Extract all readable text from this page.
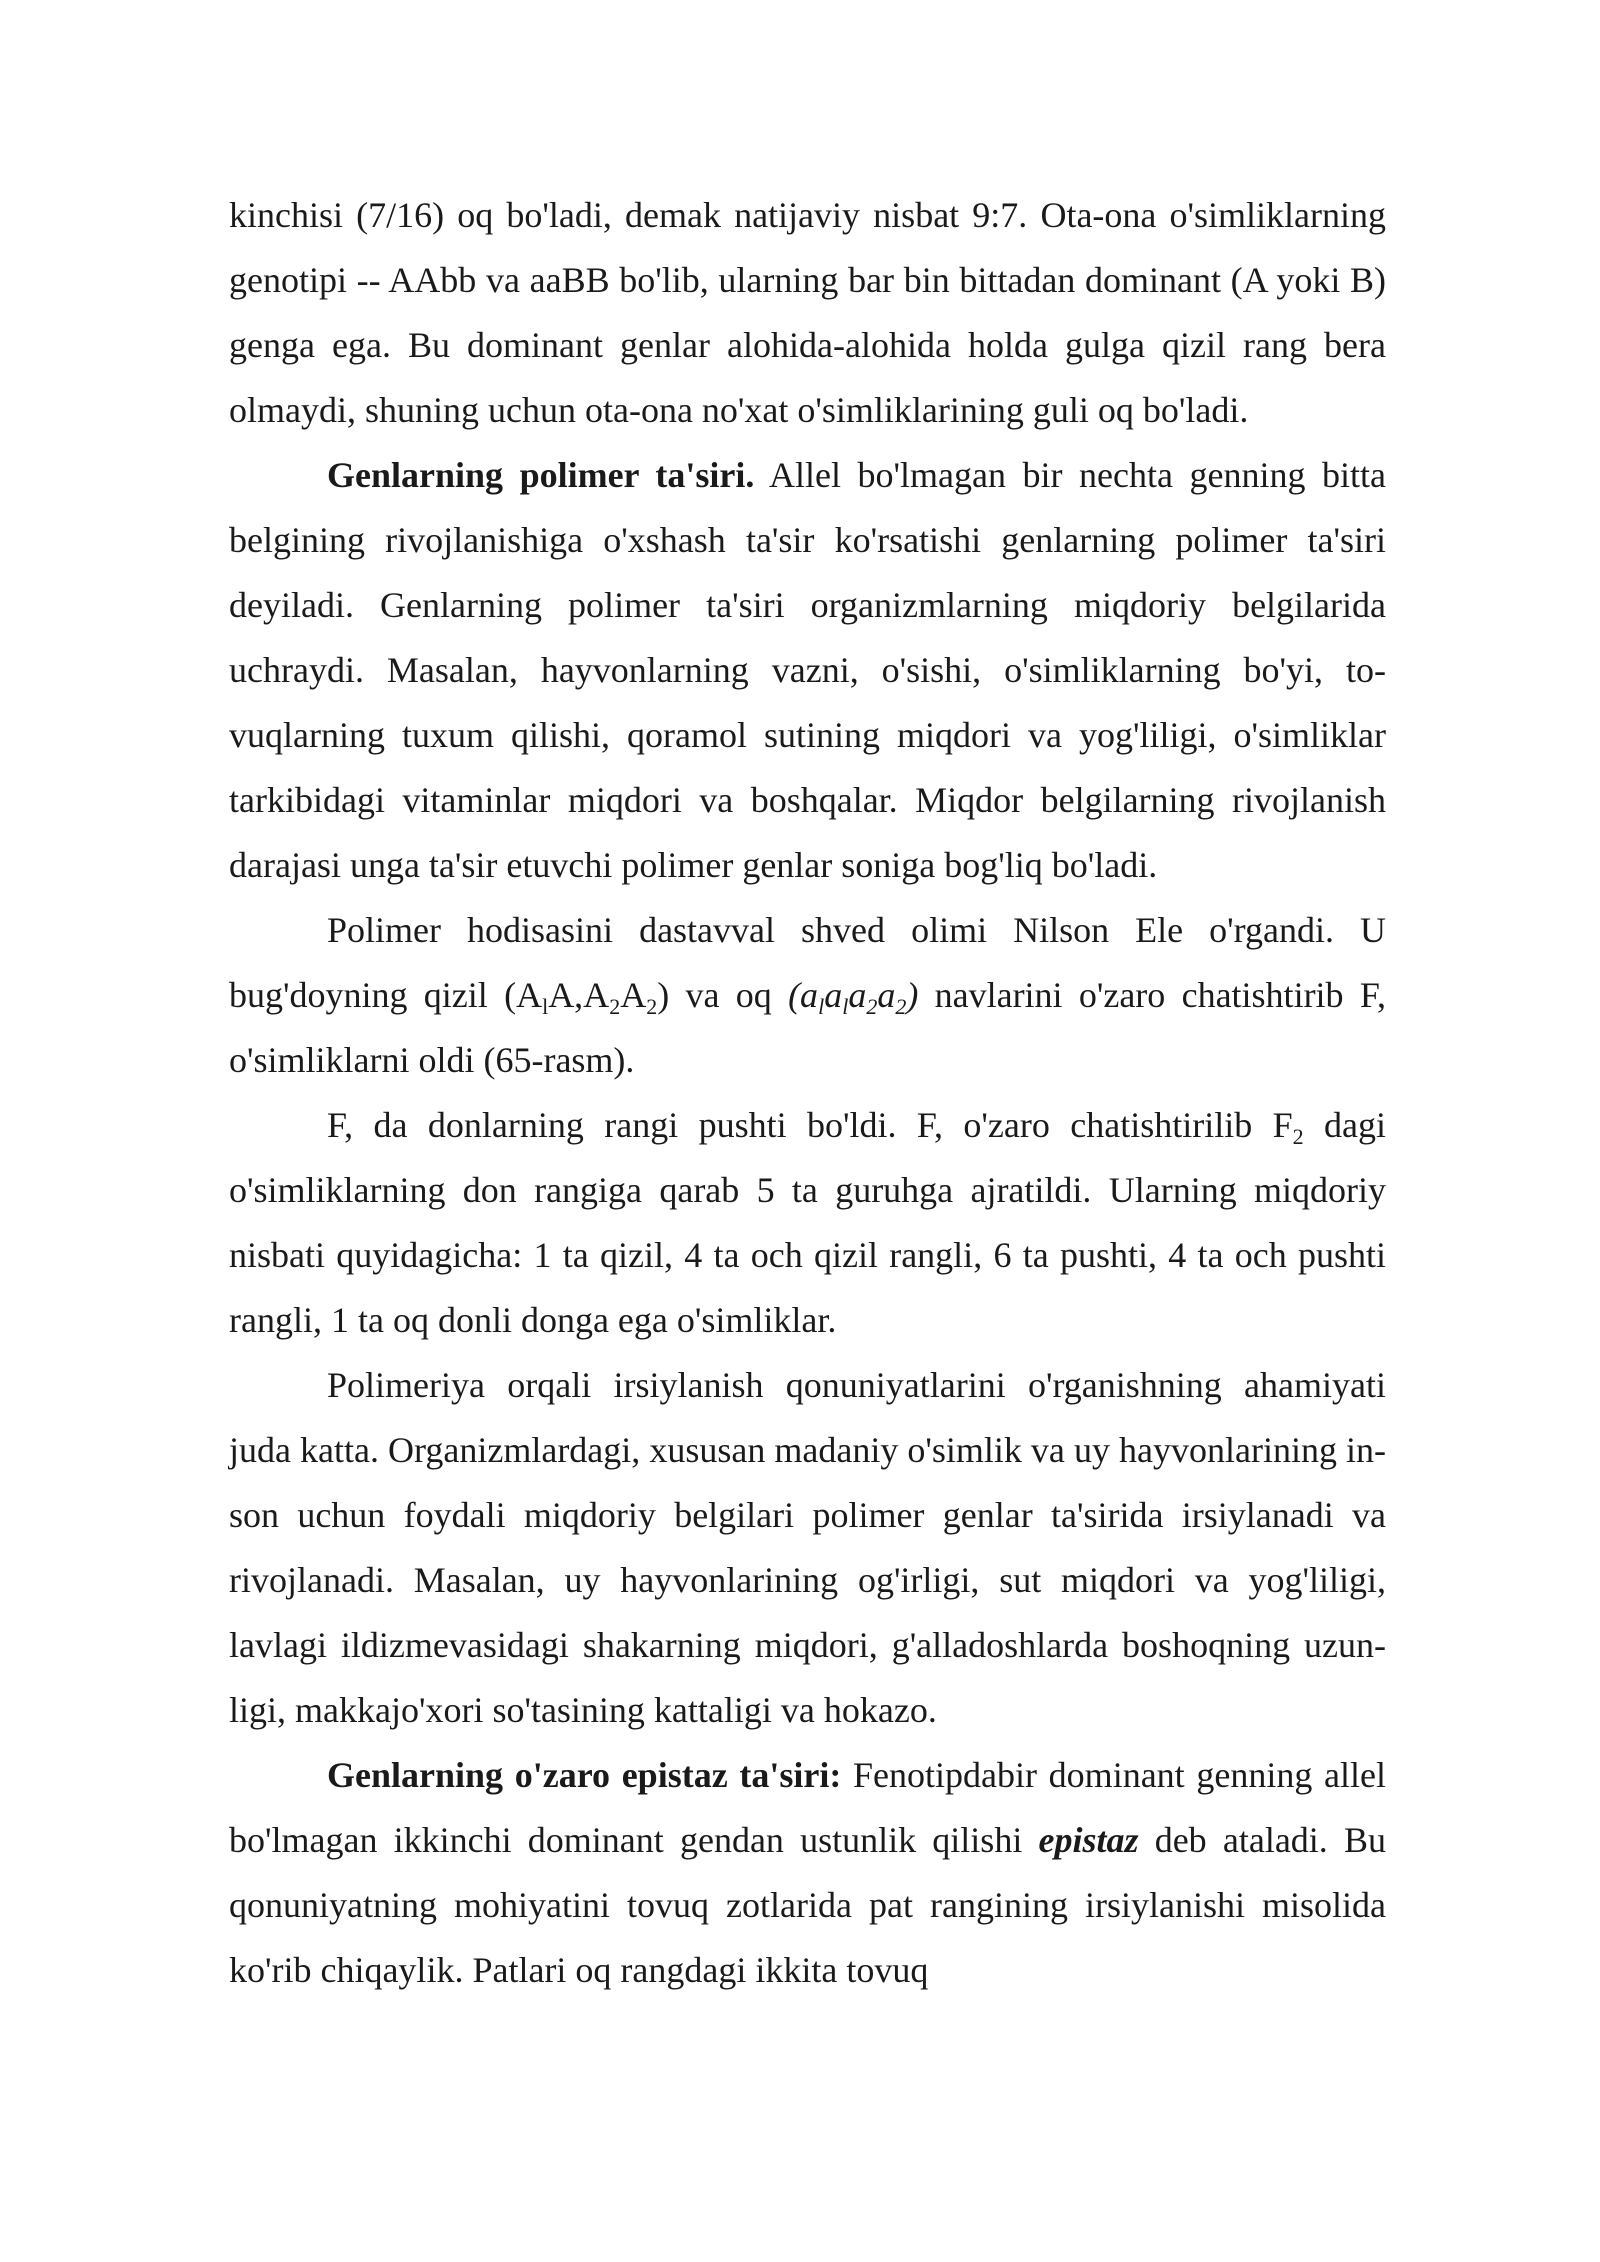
kinchisi (7/16) oq bo'ladi, demak natijaviy nisbat 9:7. Ota-ona o'simliklarning genotipi -- AAbb va aaBB bo'lib, ularning bar bin bittadan dominant (A yoki B) genga ega. Bu dominant genlar alohida-alohida holda gulga qizil rang bera olmaydi, shuning uchun ota-ona no'xat o'simliklarining guli oq bo'ladi.

Genlarning polimer ta'siri. Allel bo'lmagan bir nechta genning bitta belgining rivojlanishiga o'xshash ta'sir ko'rsatishi genlarning polimer ta'siri deyiladi. Genlarning polimer ta'siri organizmlarning miqdoriy belgilarida uchraydi. Masalan, hayvonlarning vazni, o'sishi, o'simliklarning bo'yi, to-vuqlarning tuxum qilishi, qoramol sutining miqdori va yog'liligi, o'simliklar tarkibidagi vitaminlar miqdori va boshqalar. Miqdor belgilarning rivojlanish darajasi unga ta'sir etuvchi polimer genlar soniga bog'liq bo'ladi.

Polimer hodisasini dastavval shved olimi Nilson Ele o'rgandi. U bug'doyning qizil $(A_lA,A_2A_2)$ va oq $(a_la_la_2a_2)$ navlarini o'zaro chatishtirib F, o'simliklarni oldi (65-rasm).

F, da donlarning rangi pushti bo'ldi. F, o'zaro chatishtirilib $F_2$ dagi o'simliklarning don rangiga qarab 5 ta guruhga ajratildi. Ularning miqdoriy nisbati quyidagicha: 1 ta qizil, 4 ta och qizil rangli, 6 ta pushti, 4 ta och pushti rangli, 1 ta oq donli donga ega o'simliklar.

Polimeriya orqali irsiylanish qonuniyatlarini o'rganishning ahamiyati juda katta. Organizmlardagi, xususan madaniy o'simlik va uy hayvonlarining in-son uchun foydali miqdoriy belgilari polimer genlar ta'sirida irsiylanadi va rivojlanadi. Masalan, uy hayvonlarining og'irligi, sut miqdori va yog'liligi, lavlagi ildizmevasidagi shakarning miqdori, g'alladoshlarda boshoqning uzun-ligi, makkajo'xori so'tasining kattaligi va hokazo.

Genlarning o'zaro epistaz ta'siri: Fenotipdabir dominant genning allel bo'lmagan ikkinchi dominant gendan ustunlik qilishi epistaz deb ataladi. Bu qonuniyatning mohiyatini tovuq zotlarida pat rangining irsiylanishi misolida ko'rib chiqaylik. Patlari oq rangdagi ikkita tovuq
